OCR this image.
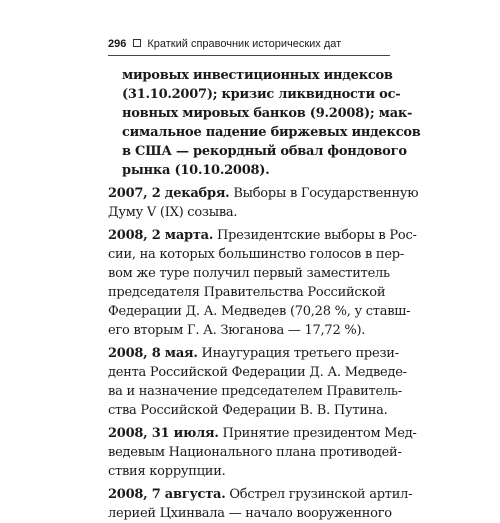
296 Краткий справочник исторических дат
мировых инвестиционных индексов
(31.10.2007); кризис ликвидности ос-
новных мировых банков (9.2008); мак-
симальное падение биржевых индексов
в США — рекордный обвал фондового
рынка (10.10.2008).
2007, 2 декабря. Выборы в Государственную
Думу V (IX) созыва.
2008, 2 марта. Президентские выборы в Рос-
сии, на которых большинство голосов в пер-
вом же туре получил первый заместитель
председателя Правительства Российской
Федерации Д. А. Медведев (70,28 %, у ставш-
его вторым Г. А. Зюганова — 17,72 %).
2008, 8 мая. Инаугурация третьего прези-
дента Российской Федерации Д. А. Медведе-
ва и назначение председателем Правитель-
ства Российской Федерации В. В. Путина.
2008, 31 июля. Принятие президентом Мед-
ведевым Национального плана противодей-
ствия коррупции.
2008, 7 августа. Обстрел грузинской артил-
лерией Цхинвала — начало вооруженного
